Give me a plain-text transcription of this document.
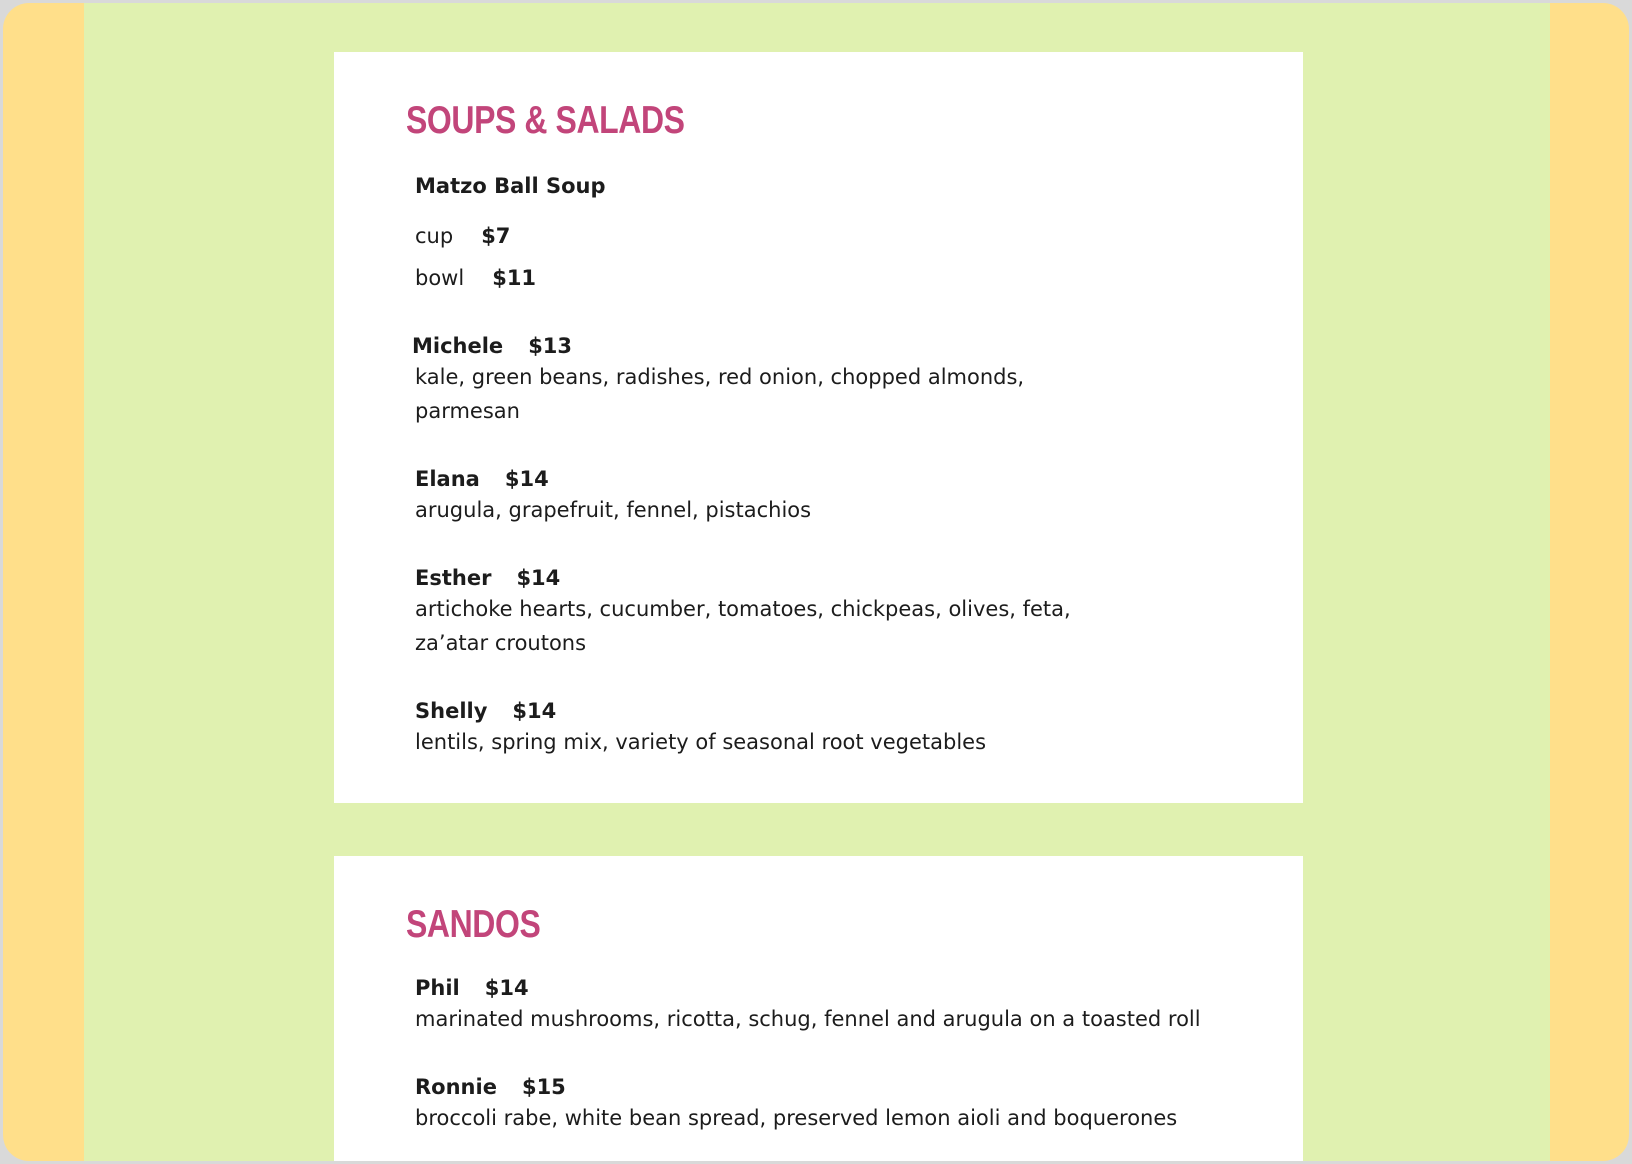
SOUPS & SALADS
Matzo Ball Soup
cup $7
bowl $11
Michele $13
kale, green beans, radishes, red onion, chopped almonds,
parmesan
Elana $14
arugula, grapefruit, fennel, pistachios
Esther $14
artichoke hearts, cucumber, tomatoes, chickpeas, olives, feta,
za’atar croutons
Shelly $14
lentils, spring mix, variety of seasonal root vegetables
SANDOS
Phil $14
marinated mushrooms, ricotta, schug, fennel and arugula on a toasted roll
Ronnie $15
broccoli rabe, white bean spread, preserved lemon aioli and boquerones
